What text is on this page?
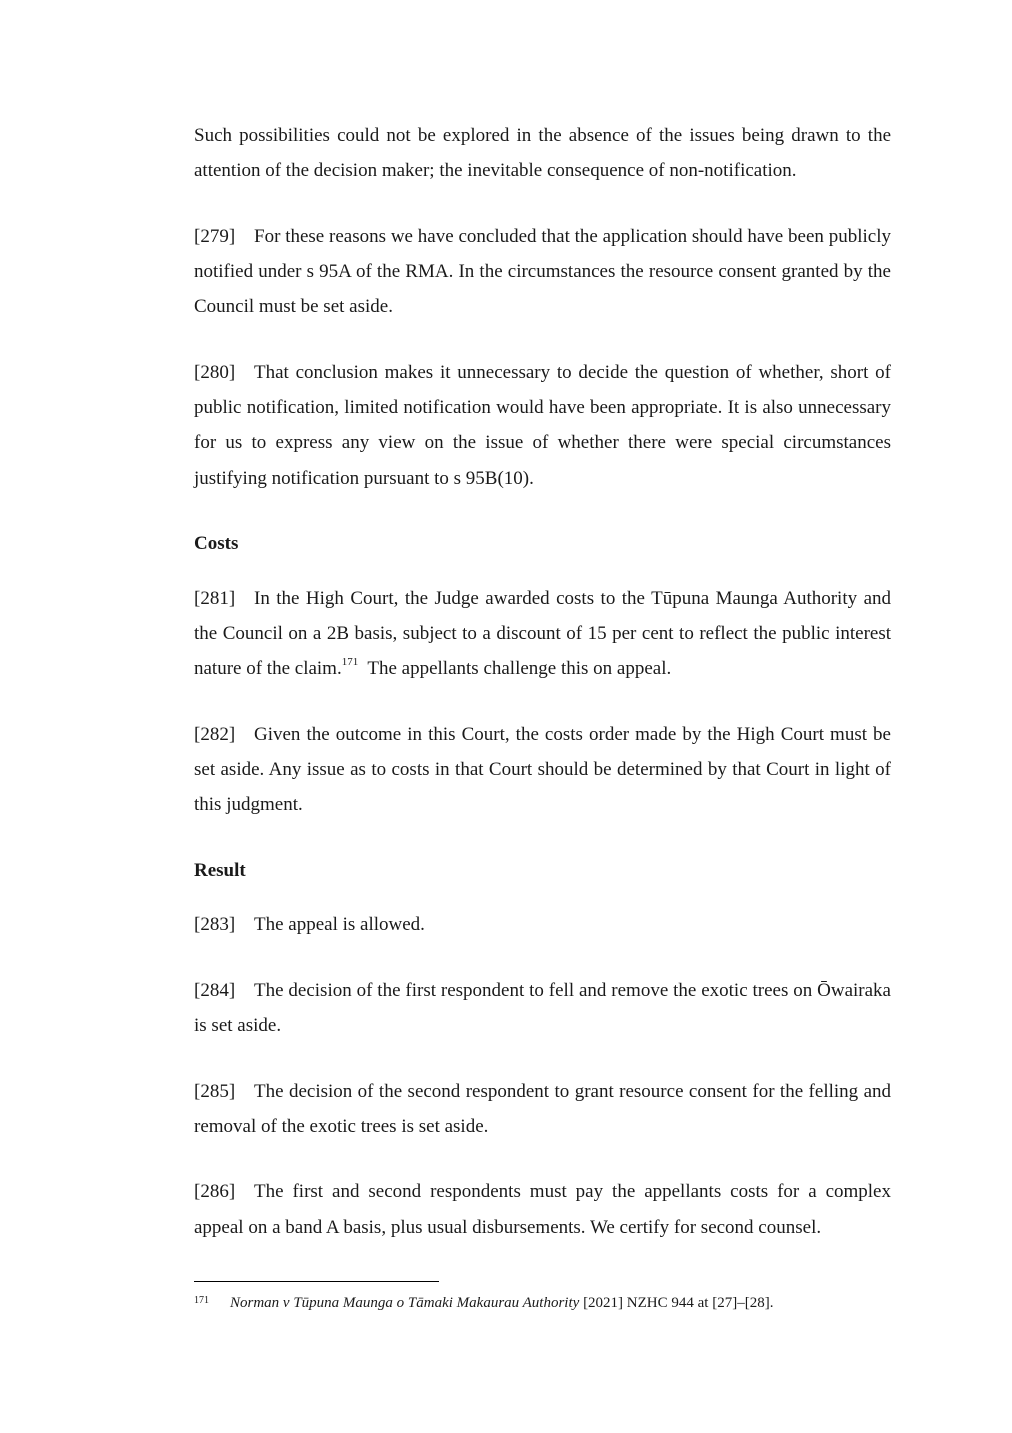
Such possibilities could not be explored in the absence of the issues being drawn to the attention of the decision maker; the inevitable consequence of non-notification.

[279] For these reasons we have concluded that the application should have been publicly notified under s 95A of the RMA. In the circumstances the resource consent granted by the Council must be set aside.

[280] That conclusion makes it unnecessary to decide the question of whether, short of public notification, limited notification would have been appropriate. It is also unnecessary for us to express any view on the issue of whether there were special circumstances justifying notification pursuant to s 95B(10).

Costs

[281] In the High Court, the Judge awarded costs to the Tūpuna Maunga Authority and the Council on a 2B basis, subject to a discount of 15 per cent to reflect the public interest nature of the claim.$^{171}$  The appellants challenge this on appeal.

[282] Given the outcome in this Court, the costs order made by the High Court must be set aside. Any issue as to costs in that Court should be determined by that Court in light of this judgment.

Result

[283] The appeal is allowed.

[284] The decision of the first respondent to fell and remove the exotic trees on Ōwairaka is set aside.

[285] The decision of the second respondent to grant resource consent for the felling and removal of the exotic trees is set aside.

[286] The first and second respondents must pay the appellants costs for a complex appeal on a band A basis, plus usual disbursements. We certify for second counsel.

171 Norman v Tūpuna Maunga o Tāmaki Makaurau Authority [2021] NZHC 944 at [27]–[28].
